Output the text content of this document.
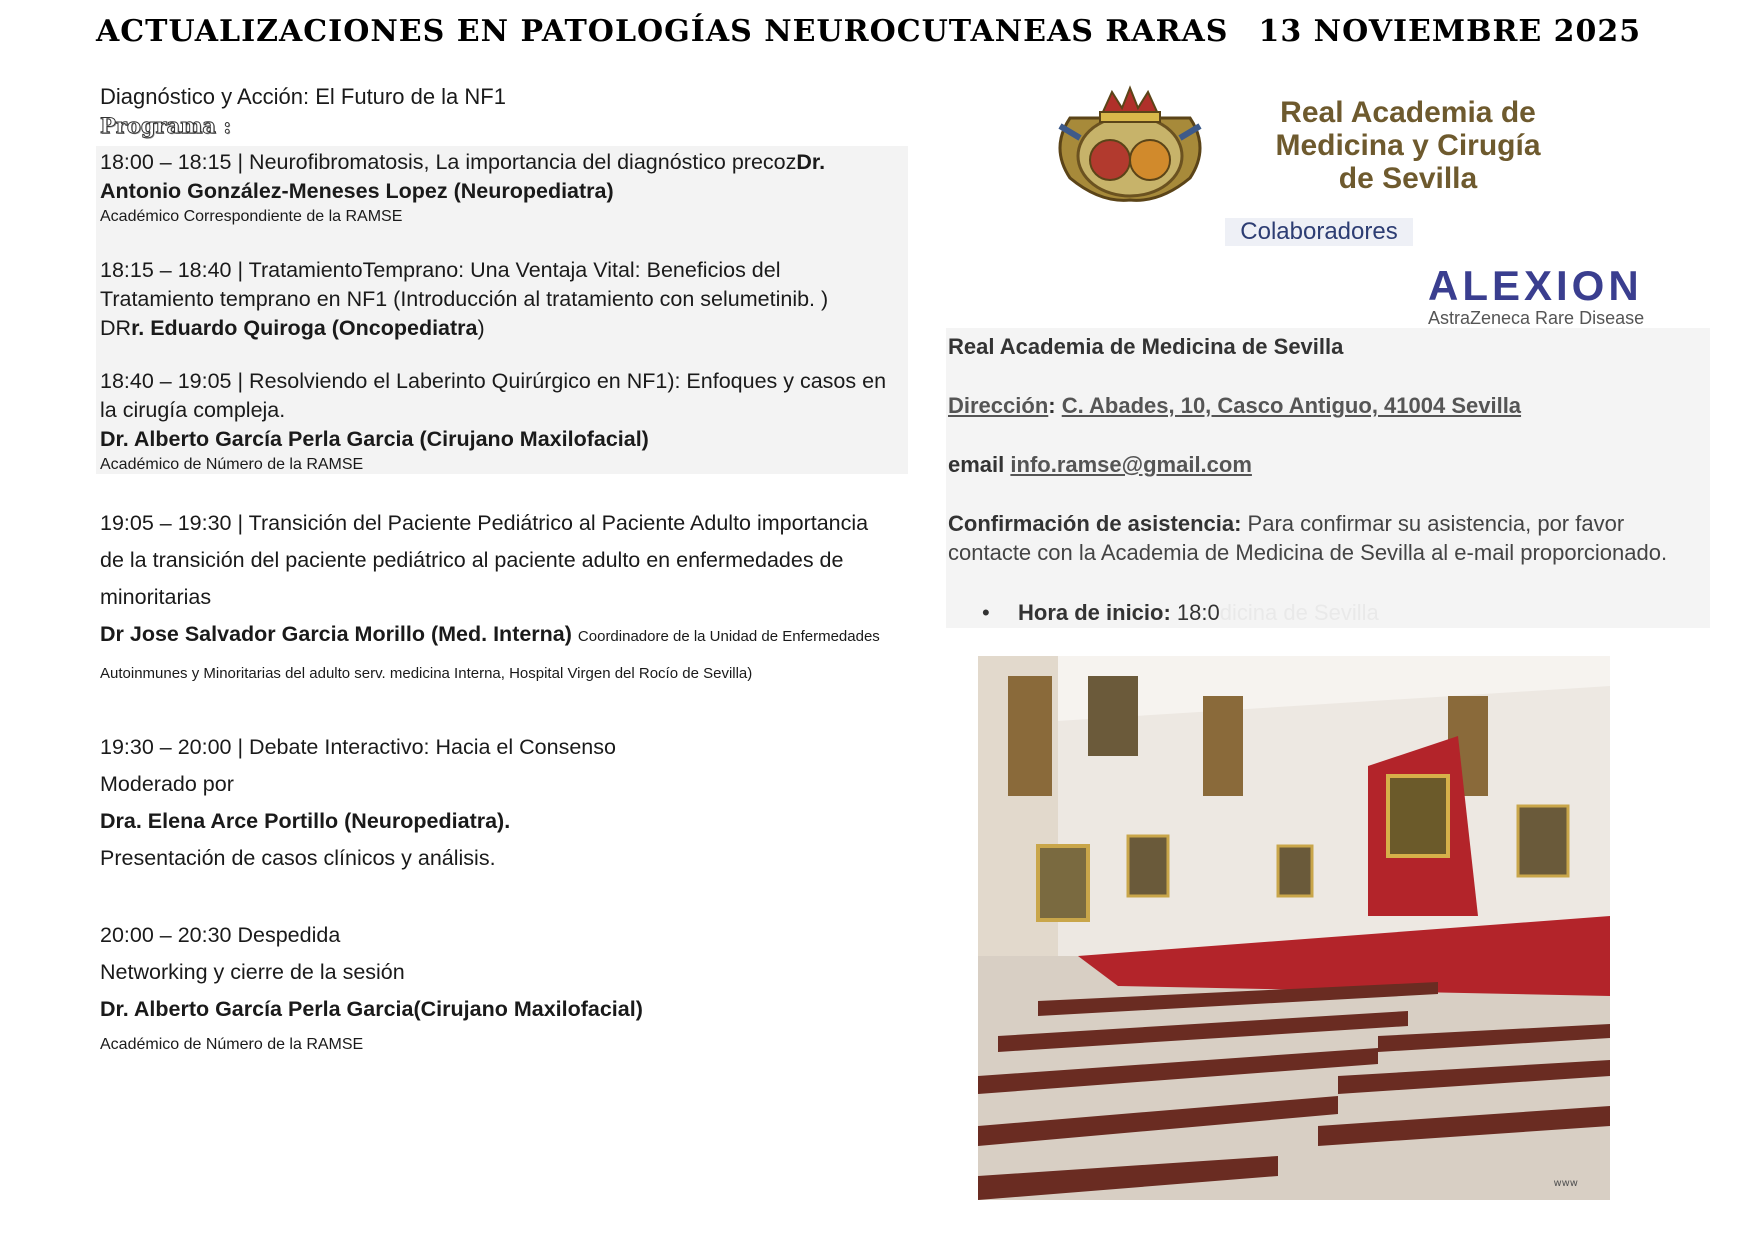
ACTUALIZACIONES EN PATOLOGÍAS NEUROCUTANEAS RARAS 13 NOVIEMBRE 2025
Diagnóstico y Acción: El Futuro de la NF1
Programa :
18:00 – 18:15 | Neurofibromatosis, La importancia del diagnóstico precozDr.
Antonio González-Meneses Lopez (Neuropediatra)
Académico Correspondiente de la RAMSE
18:15 – 18:40 | TratamientoTemprano: Una Ventaja Vital: Beneficios del
Tratamiento temprano en NF1 (Introducción al tratamiento con selumetinib. )
DRr. Eduardo Quiroga (Oncopediatra)
18:40 – 19:05 | Resolviendo el Laberinto Quirúrgico en NF1): Enfoques y casos en
la cirugía compleja.
Dr. Alberto García Perla Garcia (Cirujano Maxilofacial)
Académico de Número de la RAMSE
19:05 – 19:30 | Transición del Paciente Pediátrico al Paciente Adulto importancia
de la transición del paciente pediátrico al paciente adulto en enfermedades de
minoritarias
Dr Jose Salvador Garcia Morillo (Med. Interna) Coordinadore de la Unidad de Enfermedades
Autoinmunes y Minoritarias del adulto serv. medicina Interna, Hospital Virgen del Rocío de Sevilla)
19:30 – 20:00 | Debate Interactivo: Hacia el Consenso
Moderado por
Dra. Elena Arce Portillo (Neuropediatra).
Presentación de casos clínicos y análisis.
20:00 – 20:30 Despedida
Networking y cierre de la sesión
Dr. Alberto García Perla Garcia(Cirujano Maxilofacial)
Académico de Número de la RAMSE
Real Academia de
Medicina y Cirugía
de Sevilla
Colaboradores
ALEXION
AstraZeneca Rare Disease
Real Academia de Medicina de Sevilla
Dirección: C. Abades, 10, Casco Antiguo, 41004 Sevilla
email info.ramse@gmail.com
Confirmación de asistencia: Para confirmar su asistencia, por favor
contacte con la Academia de Medicina de Sevilla al e-mail proporcionado.
• Hora de inicio: 18:0dicina de Sevilla
www
